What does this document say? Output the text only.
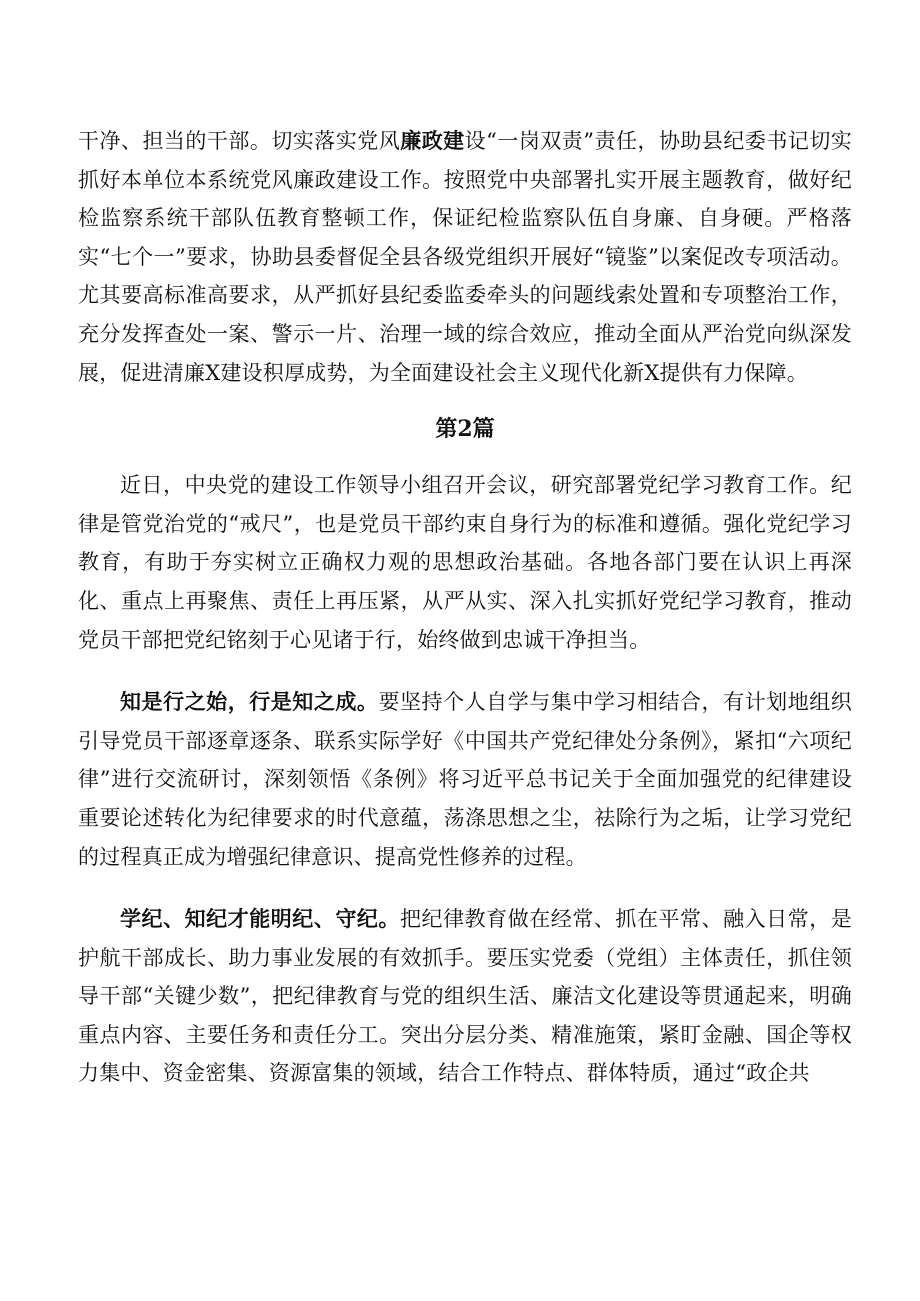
干净、担当的干部。切实落实党风廉政建设“一岗双责”责任，协助县纪委书记切实抓好本单位本系统党风廉政建设工作。按照党中央部署扎实开展主题教育，做好纪检监察系统干部队伍教育整顿工作，保证纪检监察队伍自身廉、自身硬。严格落实“七个一”要求，协助县委督促全县各级党组织开展好“镜鉴”以案促改专项活动。尤其要高标准高要求，从严抓好县纪委监委牵头的问题线索处置和专项整治工作，充分发挥查处一案、警示一片、治理一域的综合效应，推动全面从严治党向纵深发展，促进清廉X建设积厚成势，为全面建设社会主义现代化新X提供有力保障。

第2篇

近日，中央党的建设工作领导小组召开会议，研究部署党纪学习教育工作。纪律是管党治党的“戒尺”，也是党员干部约束自身行为的标准和遵循。强化党纪学习教育，有助于夯实树立正确权力观的思想政治基础。各地各部门要在认识上再深化、重点上再聚焦、责任上再压紧，从严从实、深入扎实抓好党纪学习教育，推动党员干部把党纪铭刻于心见诸于行，始终做到忠诚干净担当。

知是行之始，行是知之成。要坚持个人自学与集中学习相结合，有计划地组织引导党员干部逐章逐条、联系实际学好《中国共产党纪律处分条例》，紧扣“六项纪律”进行交流研讨，深刻领悟《条例》将习近平总书记关于全面加强党的纪律建设重要论述转化为纪律要求的时代意蕴，荡涤思想之尘，祛除行为之垢，让学习党纪的过程真正成为增强纪律意识、提高党性修养的过程。

学纪、知纪才能明纪、守纪。把纪律教育做在经常、抓在平常、融入日常，是护航干部成长、助力事业发展的有效抓手。要压实党委（党组）主体责任，抓住领导干部“关键少数”，把纪律教育与党的组织生活、廉洁文化建设等贯通起来，明确重点内容、主要任务和责任分工。突出分层分类、精准施策，紧盯金融、国企等权力集中、资金密集、资源富集的领域，结合工作特点、群体特质，通过“政企共
